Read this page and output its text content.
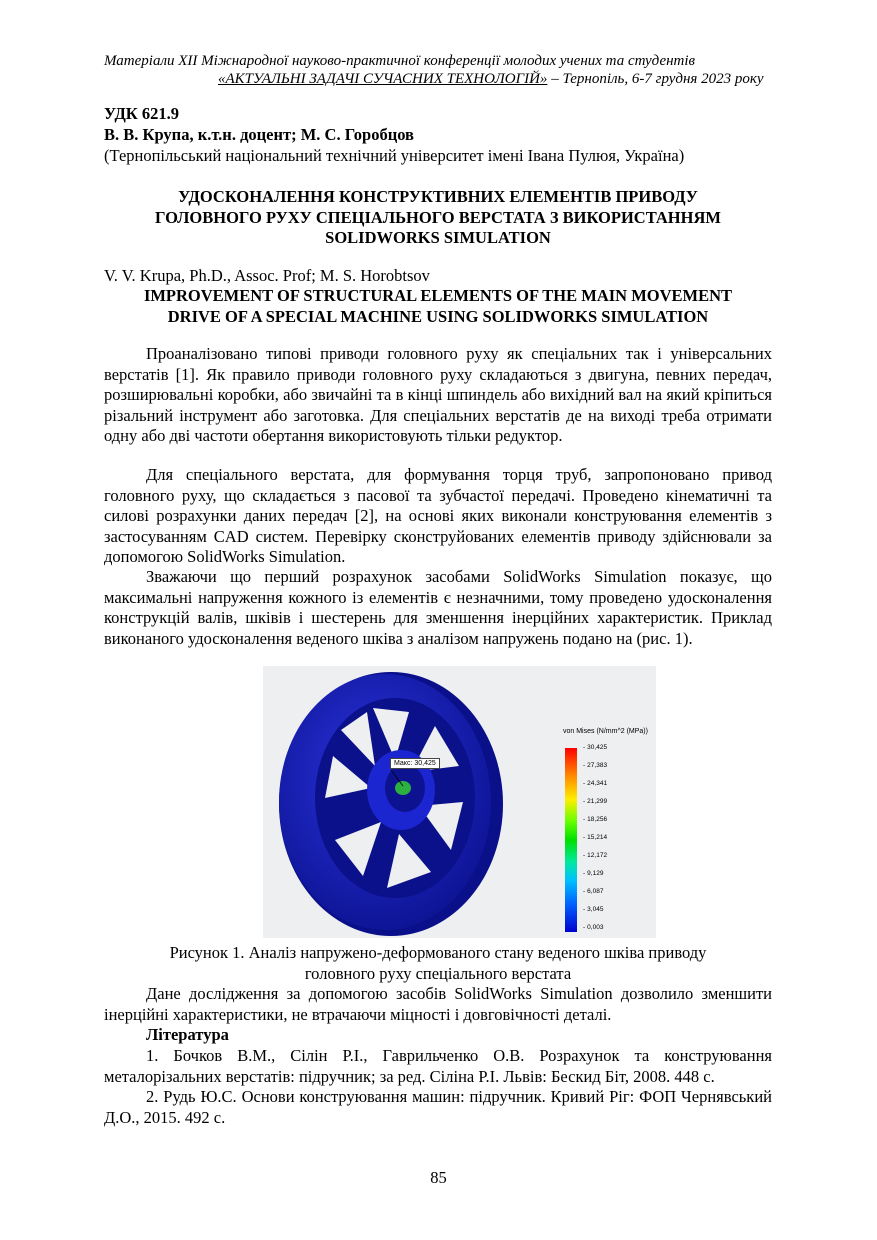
Матеріали XII Міжнародної науково-практичної конференції молодих учених та студентів
«АКТУАЛЬНІ ЗАДАЧІ СУЧАСНИХ ТЕХНОЛОГІЙ» – Тернопіль, 6-7 грудня 2023 року
УДК 621.9
В. В. Крупа, к.т.н. доцент; М. С. Горобцов
(Тернопільський національний технічний університет імені Івана Пулюя, Україна)
УДОСКОНАЛЕННЯ КОНСТРУКТИВНИХ ЕЛЕМЕНТІВ ПРИВОДУ
ГОЛОВНОГО РУХУ СПЕЦІАЛЬНОГО ВЕРСТАТА З ВИКОРИСТАННЯМ
SOLIDWORKS SIMULATION
V. V. Krupa, Ph.D., Assoc. Prof; M. S. Horobtsov
IMPROVEMENT OF STRUCTURAL ELEMENTS OF THE MAIN MOVEMENT
DRIVE OF A SPECIAL MACHINE USING SOLIDWORKS SIMULATION
Проаналізовано типові приводи головного руху як спеціальних так і універсальних верстатів [1]. Як правило приводи головного руху складаються з двигуна, певних передач, розширювальні коробки, або звичайні та в кінці шпиндель або вихідний вал на який кріпиться різальний інструмент або заготовка. Для спеціальних верстатів де на виході треба отримати одну або дві частоти обертання використовують тільки редуктор.
Для спеціального верстата, для формування торця труб, запропоновано привод головного руху, що складається з пасової та зубчастої передачі. Проведено кінематичні та силові розрахунки даних передач [2], на основі яких виконали конструювання елементів з застосуванням CAD систем. Перевірку сконструйованих елементів приводу здійснювали за допомогою SolidWorks Simulation.
Зважаючи що перший розрахунок засобами SolidWorks Simulation показує, що максимальні напруження кожного із елементів є незначними, тому проведено удосконалення конструкцій валів, шківів і шестерень для зменшення інерційних характеристик. Приклад виконаного удосконалення веденого шківа з аналізом напружень подано на (рис. 1).
Макс: 30,425
von Mises (N/mm^2 (MPa))
- 30,425
- 27,383
- 24,341
- 21,299
- 18,256
- 15,214
- 12,172
- 9,129
- 6,087
- 3,045
- 0,003
Рисунок 1. Аналіз напружено-деформованого стану веденого шківа приводу
головного руху спеціального верстата
Дане дослідження за допомогою засобів SolidWorks Simulation дозволило зменшити інерційні характеристики, не втрачаючи міцності і довговічності деталі.
Література
1. Бочков В.М., Сілін Р.І., Гаврильченко О.В. Розрахунок та конструювання металорізальних верстатів: підручник; за ред. Сіліна Р.І. Львів: Бескид Біт, 2008. 448 с.
2. Рудь Ю.С. Основи конструювання машин: підручник. Кривий Ріг: ФОП Чернявський Д.О., 2015. 492 с.
85
